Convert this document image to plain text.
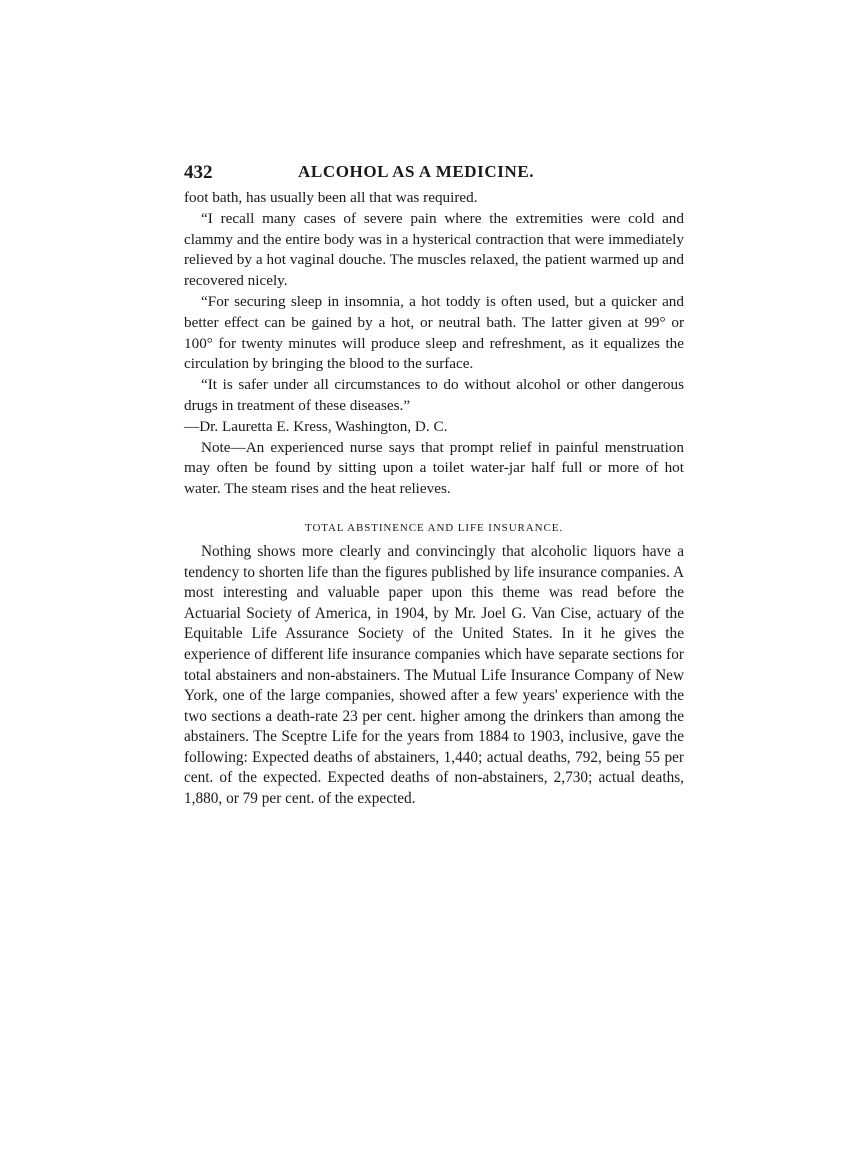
432	ALCOHOL AS A MEDICINE.

foot bath, has usually been all that was required.

“I recall many cases of severe pain where the extremities were cold and clammy and the entire body was in a hysterical contraction that were immediately relieved by a hot vaginal douche. The muscles relaxed, the patient warmed up and recovered nicely.

“For securing sleep in insomnia, a hot toddy is often used, but a quicker and better effect can be gained by a hot, or neutral bath. The latter given at 99° or 100° for twenty minutes will produce sleep and refreshment, as it equalizes the circulation by bringing the blood to the surface.

“It is safer under all circumstances to do without alcohol or other dangerous drugs in treatment of these diseases.”

—Dr. Lauretta E. Kress, Washington, D. C.

Note—An experienced nurse says that prompt relief in painful menstruation may often be found by sitting upon a toilet water-jar half full or more of hot water. The steam rises and the heat relieves.

TOTAL ABSTINENCE AND LIFE INSURANCE.

Nothing shows more clearly and convincingly that alcoholic liquors have a tendency to shorten life than the figures published by life insurance companies. A most interesting and valuable paper upon this theme was read before the Actuarial Society of America, in 1904, by Mr. Joel G. Van Cise, actuary of the Equitable Life Assurance Society of the United States. In it he gives the experience of different life insurance companies which have separate sections for total abstainers and non-abstainers. The Mutual Life Insurance Company of New York, one of the large companies, showed after a few years' experience with the two sections a death-rate 23 per cent. higher among the drinkers than among the abstainers. The Sceptre Life for the years from 1884 to 1903, inclusive, gave the following: Expected deaths of abstainers, 1,440; actual deaths, 792, being 55 per cent. of the expected. Expected deaths of non-abstainers, 2,730; actual deaths, 1,880, or 79 per cent. of the expected.
